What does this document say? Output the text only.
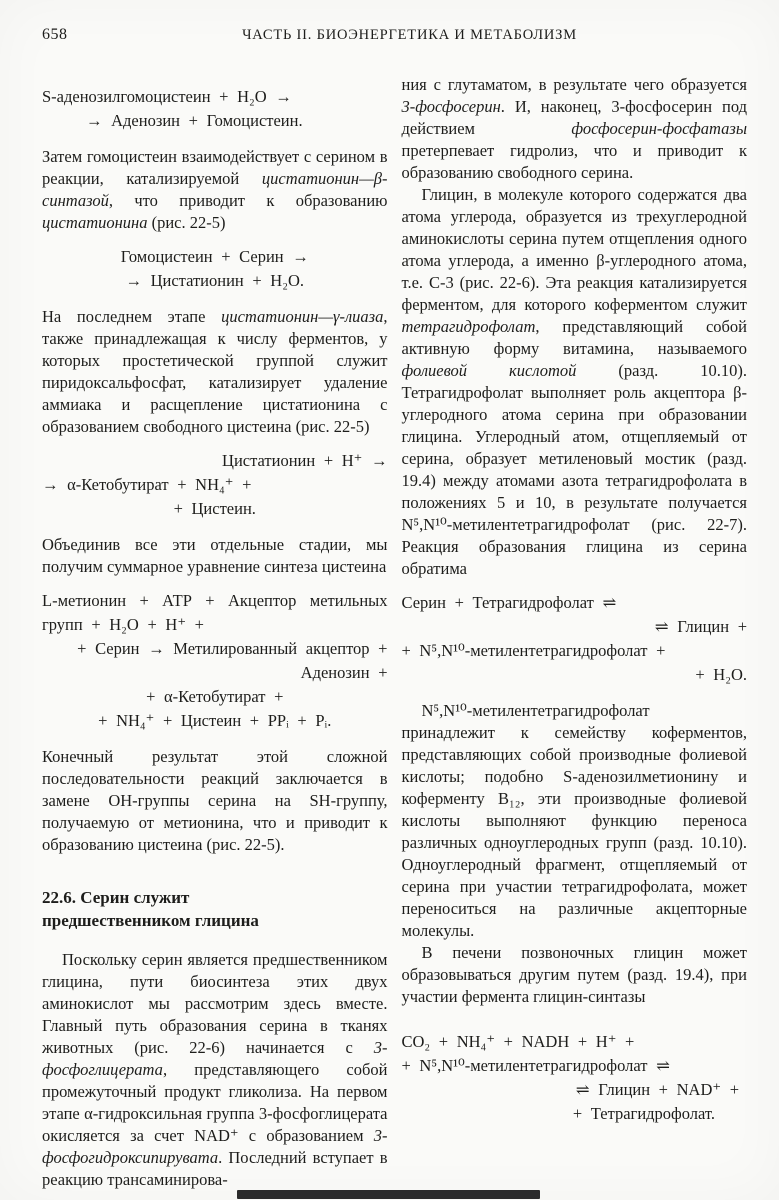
658	ЧАСТЬ II. БИОЭНЕРГЕТИКА И МЕТАБОЛИЗМ
S-аденозилгомоцистеин + H₂O →
→ Аденозин + Гомоцистеин.

Затем гомоцистеин взаимодействует с серином в реакции, катализируемой цистатионин—β-синтазой, что приводит к образованию цистатионина (рис. 22-5)

Гомоцистеин + Серин →
→ Цистатионин + H₂O.

На последнем этапе цистатионин—γ-лиаза, также принадлежащая к числу ферментов, у которых простетической группой служит пиридоксальфосфат, катализирует удаление аммиака и расщепление цистатионина с образованием свободного цистеина (рис. 22-5)

Цистатионин + H⁺ →
→ α-Кетобутират + NH₄⁺ +
+ Цистеин.

Объединив все эти отдельные стадии, мы получим суммарное уравнение синтеза цистеина

L-метионин + АТР + Акцептор метильных групп + H₂O + H⁺ +
+ Серин → Метилированный акцептор + Аденозин +
+ α-Кетобутират +
+ NH₄⁺ + Цистеин + PPᵢ + Pᵢ.

Конечный результат этой сложной последовательности реакций заключается в замене OH-группы серина на SH-группу, получаемую от метионина, что и приводит к образованию цистеина (рис. 22-5).

22.6. Серин служит предшественником глицина

Поскольку серин является предшественником глицина, пути биосинтеза этих двух аминокислот мы рассмотрим здесь вместе. Главный путь образования серина в тканях животных (рис. 22-6) начинается с 3-фосфоглицерата, представляющего собой промежуточный продукт гликолиза. На первом этапе α-гидроксильная группа 3-фосфоглицерата окисляется за счет NAD⁺ с образованием 3-фосфогидроксипирувата. Последний вступает в реакцию трансаминирова-

ния с глутаматом, в результате чего образуется 3-фосфосерин. И, наконец, 3-фосфосерин под действием фосфосерин-фосфатазы претерпевает гидролиз, что и приводит к образованию свободного серина.

Глицин, в молекуле которого содержатся два атома углерода, образуется из трехуглеродной аминокислоты серина путем отщепления одного атома углерода, а именно β-углеродного атома, т.е. C-3 (рис. 22-6). Эта реакция катализируется ферментом, для которого коферментом служит тетрагидрофолат, представляющий собой активную форму витамина, называемого фолиевой кислотой (разд. 10.10). Тетрагидрофолат выполняет роль акцептора β-углеродного атома серина при образовании глицина. Углеродный атом, отщепляемый от серина, образует метиленовый мостик (разд. 19.4) между атомами азота тетрагидрофолата в положениях 5 и 10, в результате получается N⁵,N¹⁰-метилентетрагидрофолат (рис. 22-7). Реакция образования глицина из серина обратима

Серин + Тетрагидрофолат ⇌
⇌ Глицин +
+ N⁵,N¹⁰-метилентетрагидрофолат +
+ H₂O.

N⁵,N¹⁰-метилентетрагидрофолат принадлежит к семейству коферментов, представляющих собой производные фолиевой кислоты; подобно S-аденозилметионину и коферменту B₁₂, эти производные фолиевой кислоты выполняют функцию переноса различных одноуглеродных групп (разд. 10.10). Одноуглеродный фрагмент, отщепляемый от серина при участии тетрагидрофолата, может переноситься на различные акцепторные молекулы.

В печени позвоночных глицин может образовываться другим путем (разд. 19.4), при участии фермента глицин-синтазы

CO₂ + NH₄⁺ + NADH + H⁺ +
+ N⁵,N¹⁰-метилентетрагидрофолат ⇌
⇌ Глицин + NAD⁺ +
+ Тетрагидрофолат.
